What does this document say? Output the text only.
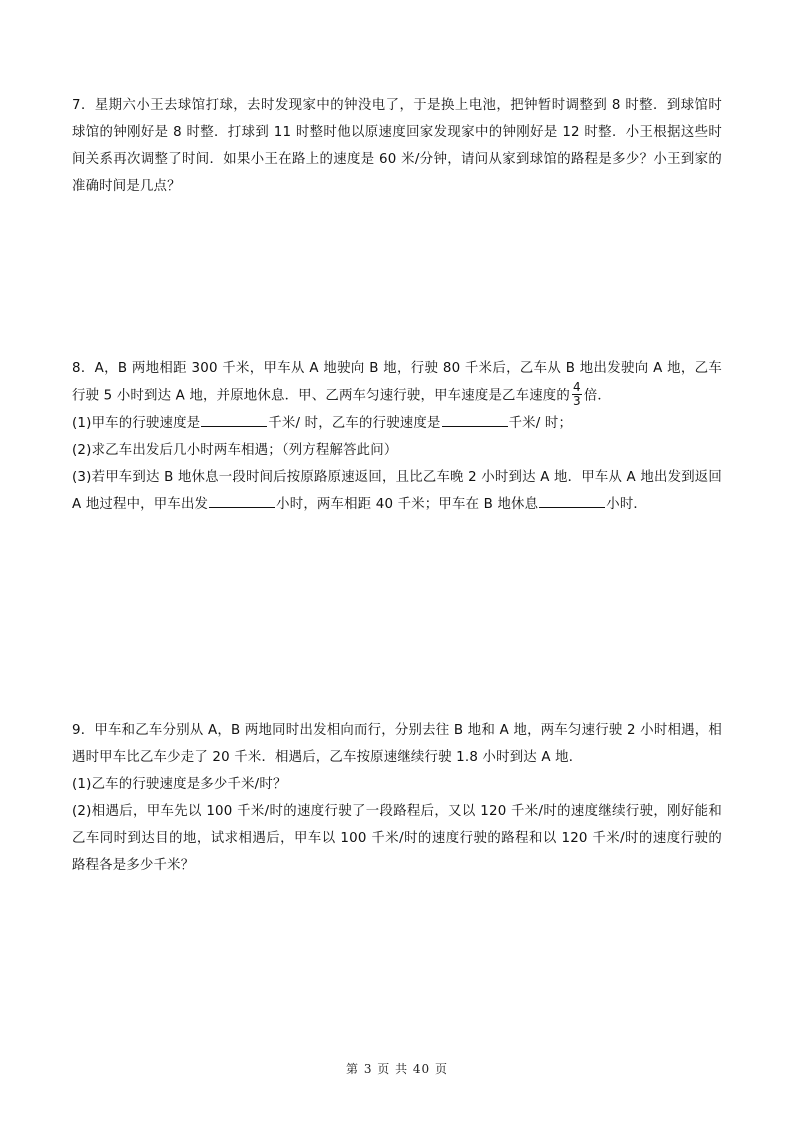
7．星期六小王去球馆打球，去时发现家中的钟没电了，于是换上电池，把钟暂时调整到 8 时整．到球馆时球馆的钟刚好是 8 时整．打球到 11 时整时他以原速度回家发现家中的钟刚好是 12 时整．小王根据这些时间关系再次调整了时间．如果小王在路上的速度是 60 米/分钟，请问从家到球馆的路程是多少？小王到家的准确时间是几点？

8．A，B 两地相距 300 千米，甲车从 A 地驶向 B 地，行驶 80 千米后，乙车从 B 地出发驶向 A 地，乙车行驶 5 小时到达 A 地，并原地休息．甲、乙两车匀速行驶，甲车速度是乙车速度的 $\frac{4}{3}$ 倍．

(1)甲车的行驶速度是	千米/ 时，乙车的行驶速度是	千米/ 时；

(2)求乙车出发后几小时两车相遇；（列方程解答此问）

(3)若甲车到达 B 地休息一段时间后按原路原速返回，且比乙车晚 2 小时到达 A 地．甲车从 A 地出发到返回 A 地过程中，甲车出发	小时，两车相距 40 千米；甲车在 B 地休息	小时．

9．甲车和乙车分别从 A，B 两地同时出发相向而行，分别去往 B 地和 A 地，两车匀速行驶 2 小时相遇，相遇时甲车比乙车少走了 20 千米．相遇后，乙车按原速继续行驶 1.8 小时到达 A 地．

(1)乙车的行驶速度是多少千米/时？

(2)相遇后，甲车先以 100 千米/时的速度行驶了一段路程后，又以 120 千米/时的速度继续行驶，刚好能和乙车同时到达目的地，试求相遇后，甲车以 100 千米/时的速度行驶的路程和以 120 千米/时的速度行驶的路程各是多少千米？

第 3 页 共 40 页
